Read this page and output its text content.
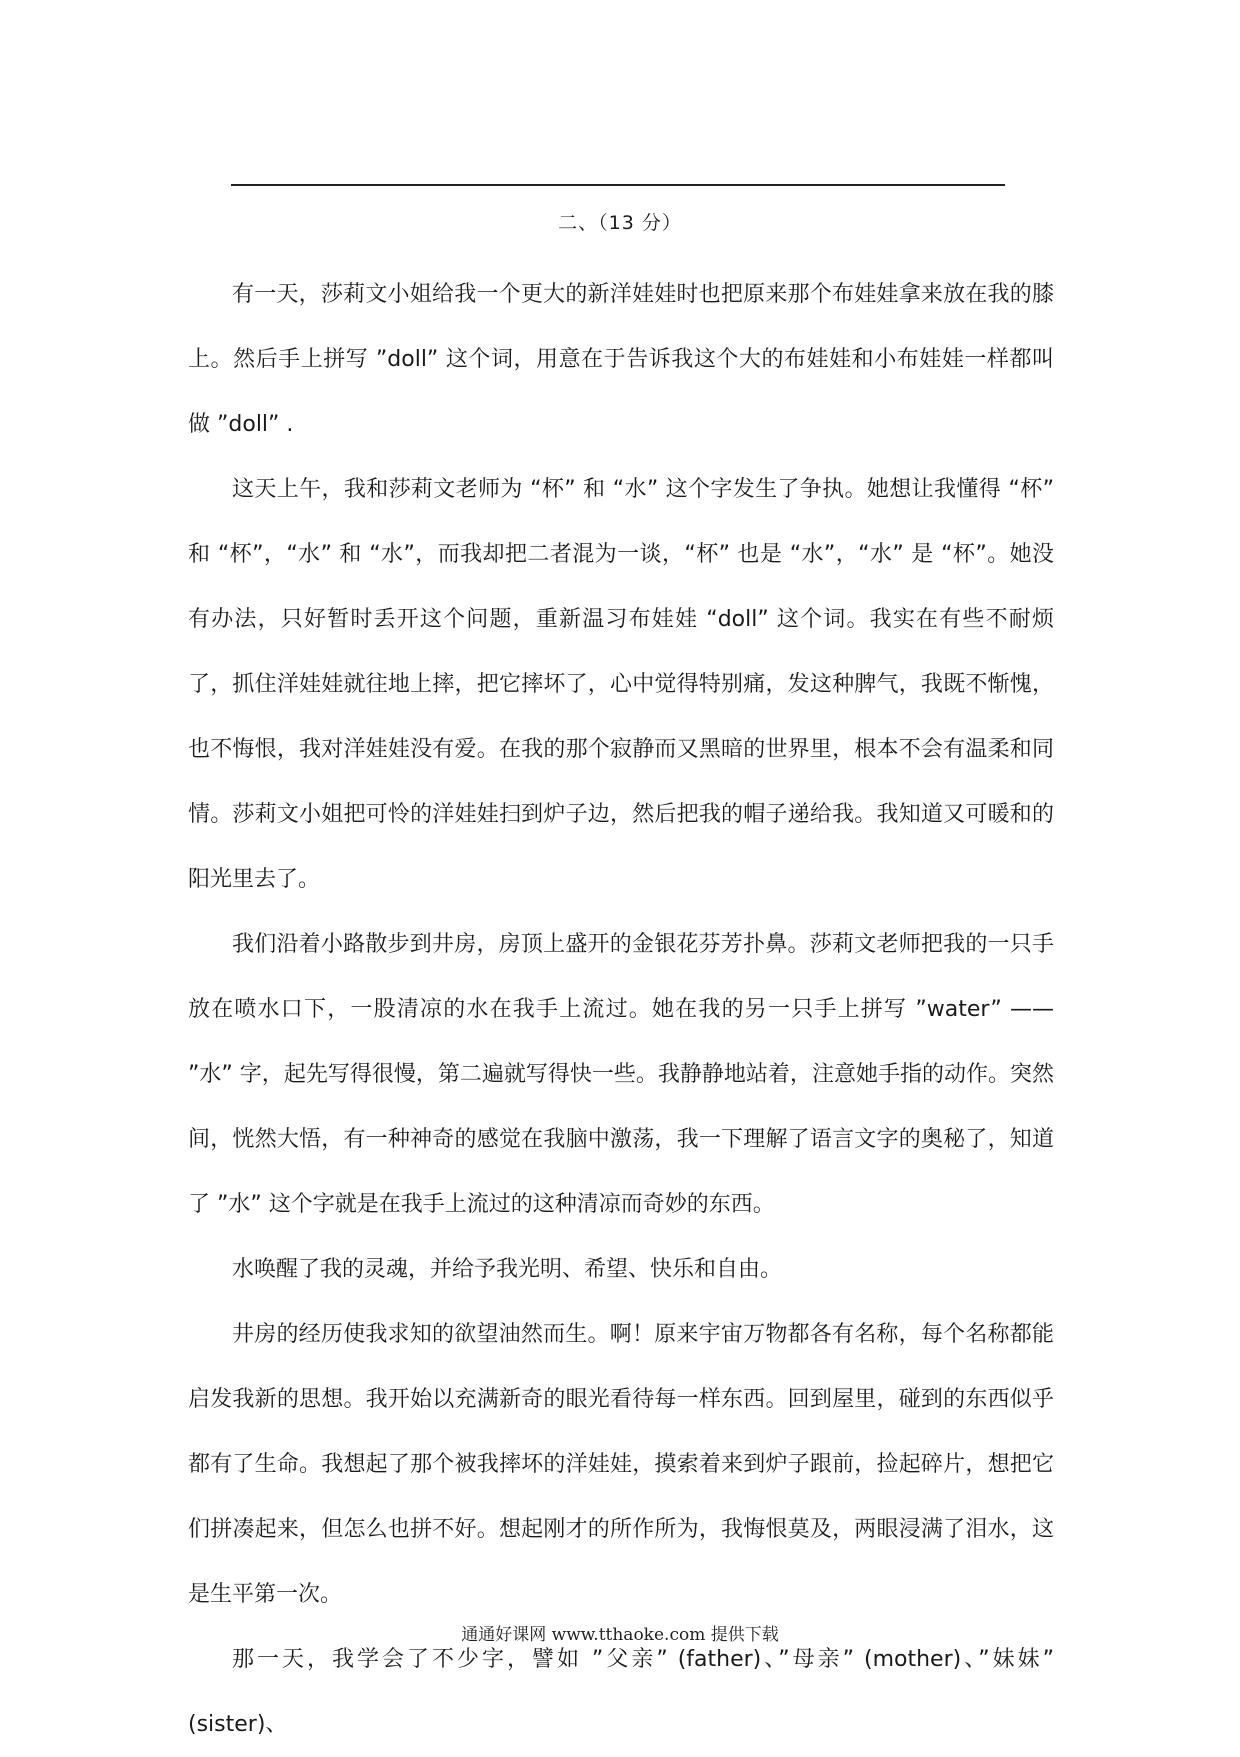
二、（13 分）

有一天，莎莉文小姐给我一个更大的新洋娃娃时也把原来那个布娃娃拿来放在我的膝上。然后手上拼写 ”doll” 这个词，用意在于告诉我这个大的布娃娃和小布娃娃一样都叫做 ”doll” .

这天上午，我和莎莉文老师为 “杯” 和 “水” 这个字发生了争执。她想让我懂得 “杯” 和 “杯”，“水” 和 “水”，而我却把二者混为一谈，“杯” 也是 “水”，“水” 是 “杯”。她没有办法，只好暂时丢开这个问题，重新温习布娃娃 “doll” 这个词。我实在有些不耐烦了，抓住洋娃娃就往地上摔，把它摔坏了，心中觉得特别痛，发这种脾气，我既不惭愧，也不悔恨，我对洋娃娃没有爱。在我的那个寂静而又黑暗的世界里，根本不会有温柔和同情。莎莉文小姐把可怜的洋娃娃扫到炉子边，然后把我的帽子递给我。我知道又可暖和的阳光里去了。

我们沿着小路散步到井房，房顶上盛开的金银花芬芳扑鼻。莎莉文老师把我的一只手放在喷水口下，一股清凉的水在我手上流过。她在我的另一只手上拼写 ”water” —— ”水” 字，起先写得很慢，第二遍就写得快一些。我静静地站着，注意她手指的动作。突然间，恍然大悟，有一种神奇的感觉在我脑中激荡，我一下理解了语言文字的奥秘了，知道了 ”水” 这个字就是在我手上流过的这种清凉而奇妙的东西。

水唤醒了我的灵魂，并给予我光明、希望、快乐和自由。

井房的经历使我求知的欲望油然而生。啊！原来宇宙万物都各有名称，每个名称都能启发我新的思想。我开始以充满新奇的眼光看待每一样东西。回到屋里，碰到的东西似乎都有了生命。我想起了那个被我摔坏的洋娃娃，摸索着来到炉子跟前，捡起碎片，想把它们拼凑起来，但怎么也拼不好。想起刚才的所作所为，我悔恨莫及，两眼浸满了泪水，这是生平第一次。

那一天，我学会了不少字，譬如 ”父亲” (father)、”母亲” (mother)、”妹妹” (sister)、

通通好课网 www.tthaoke.com 提供下载
